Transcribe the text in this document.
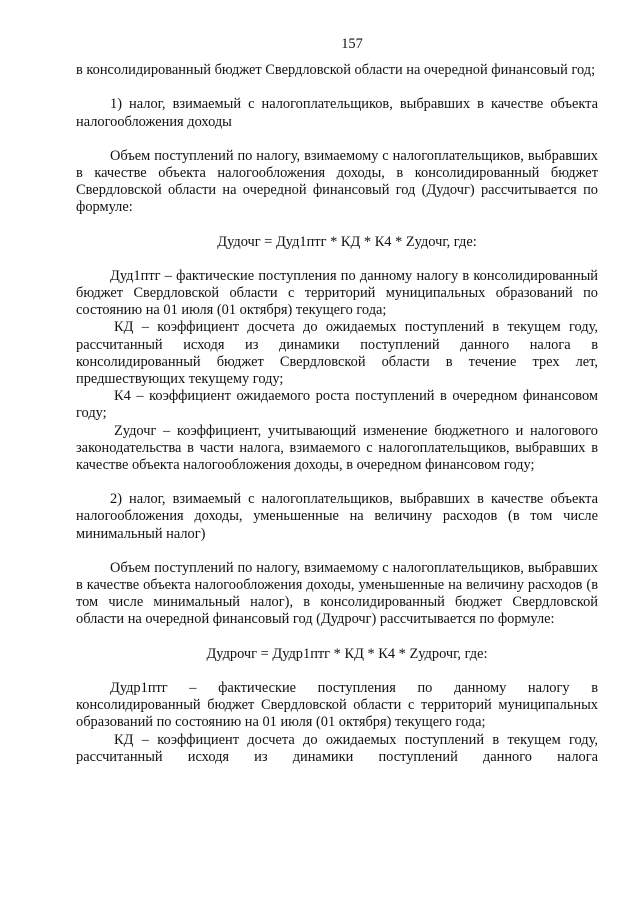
157

в консолидированный бюджет Свердловской области на очередной финансовый год;

1) налог, взимаемый с налогоплательщиков, выбравших в качестве объекта налогообложения доходы

Объем поступлений по налогу, взимаемому с налогоплательщиков, выбравших в качестве объекта налогообложения доходы, в консолидированный бюджет Свердловской области на очередной финансовый год (Дудочг) рассчитывается по формуле:

Дудочг = Дуд1птг * КД * К4 * Zудочг, где:

Дуд1птг – фактические поступления по данному налогу в консолидированный бюджет Свердловской области с территорий муниципальных образований по состоянию на 01 июля (01 октября) текущего года;

КД – коэффициент досчета до ожидаемых поступлений в текущем году, рассчитанный исходя из динамики поступлений данного налога в консолидированный бюджет Свердловской области в течение трех лет, предшествующих текущему году;

К4 – коэффициент ожидаемого роста поступлений в очередном финансовом году;

Zудочг – коэффициент, учитывающий изменение бюджетного и налогового законодательства в части налога, взимаемого с налогоплательщиков, выбравших в качестве объекта налогообложения доходы, в очередном финансовом году;

2) налог, взимаемый с налогоплательщиков, выбравших в качестве объекта налогообложения доходы, уменьшенные на величину расходов (в том числе минимальный налог)

Объем поступлений по налогу, взимаемому с налогоплательщиков, выбравших в качестве объекта налогообложения доходы, уменьшенные на величину расходов (в том числе минимальный налог), в консолидированный бюджет Свердловской области на очередной финансовый год (Дудрочг) рассчитывается по формуле:

Дудрочг = Дудр1птг * КД * К4 * Zудрочг, где:

Дудр1птг – фактические поступления по данному налогу в консолидированный бюджет Свердловской области с территорий муниципальных образований по состоянию на 01 июля (01 октября) текущего года;

КД – коэффициент досчета до ожидаемых поступлений в текущем году, рассчитанный исходя из динамики поступлений данного налога
